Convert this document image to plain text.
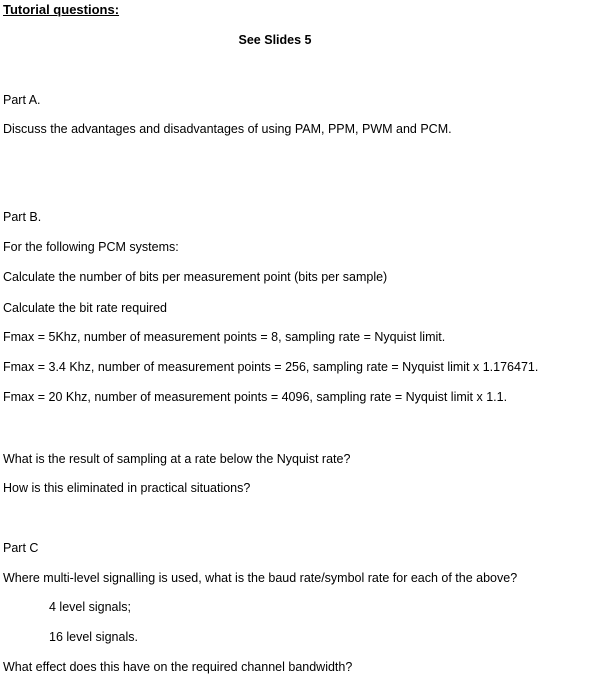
Tutorial questions:
See Slides 5
Part A.
Discuss the advantages and disadvantages of using PAM, PPM, PWM and PCM.
Part B.
For the following PCM systems:
Calculate the number of bits per measurement point (bits per sample)
Calculate the bit rate required
Fmax = 5Khz, number of measurement points = 8, sampling rate = Nyquist limit.
Fmax = 3.4 Khz, number of measurement points = 256, sampling rate = Nyquist limit x 1.176471.
Fmax = 20 Khz, number of measurement points = 4096, sampling rate = Nyquist limit x 1.1.
What is the result of sampling at a rate below the Nyquist rate?
How is this eliminated in practical situations?
Part C
Where multi-level signalling is used, what is the baud rate/symbol rate for each of the above?
4 level signals;
16 level signals.
What effect does this have on the required channel bandwidth?
